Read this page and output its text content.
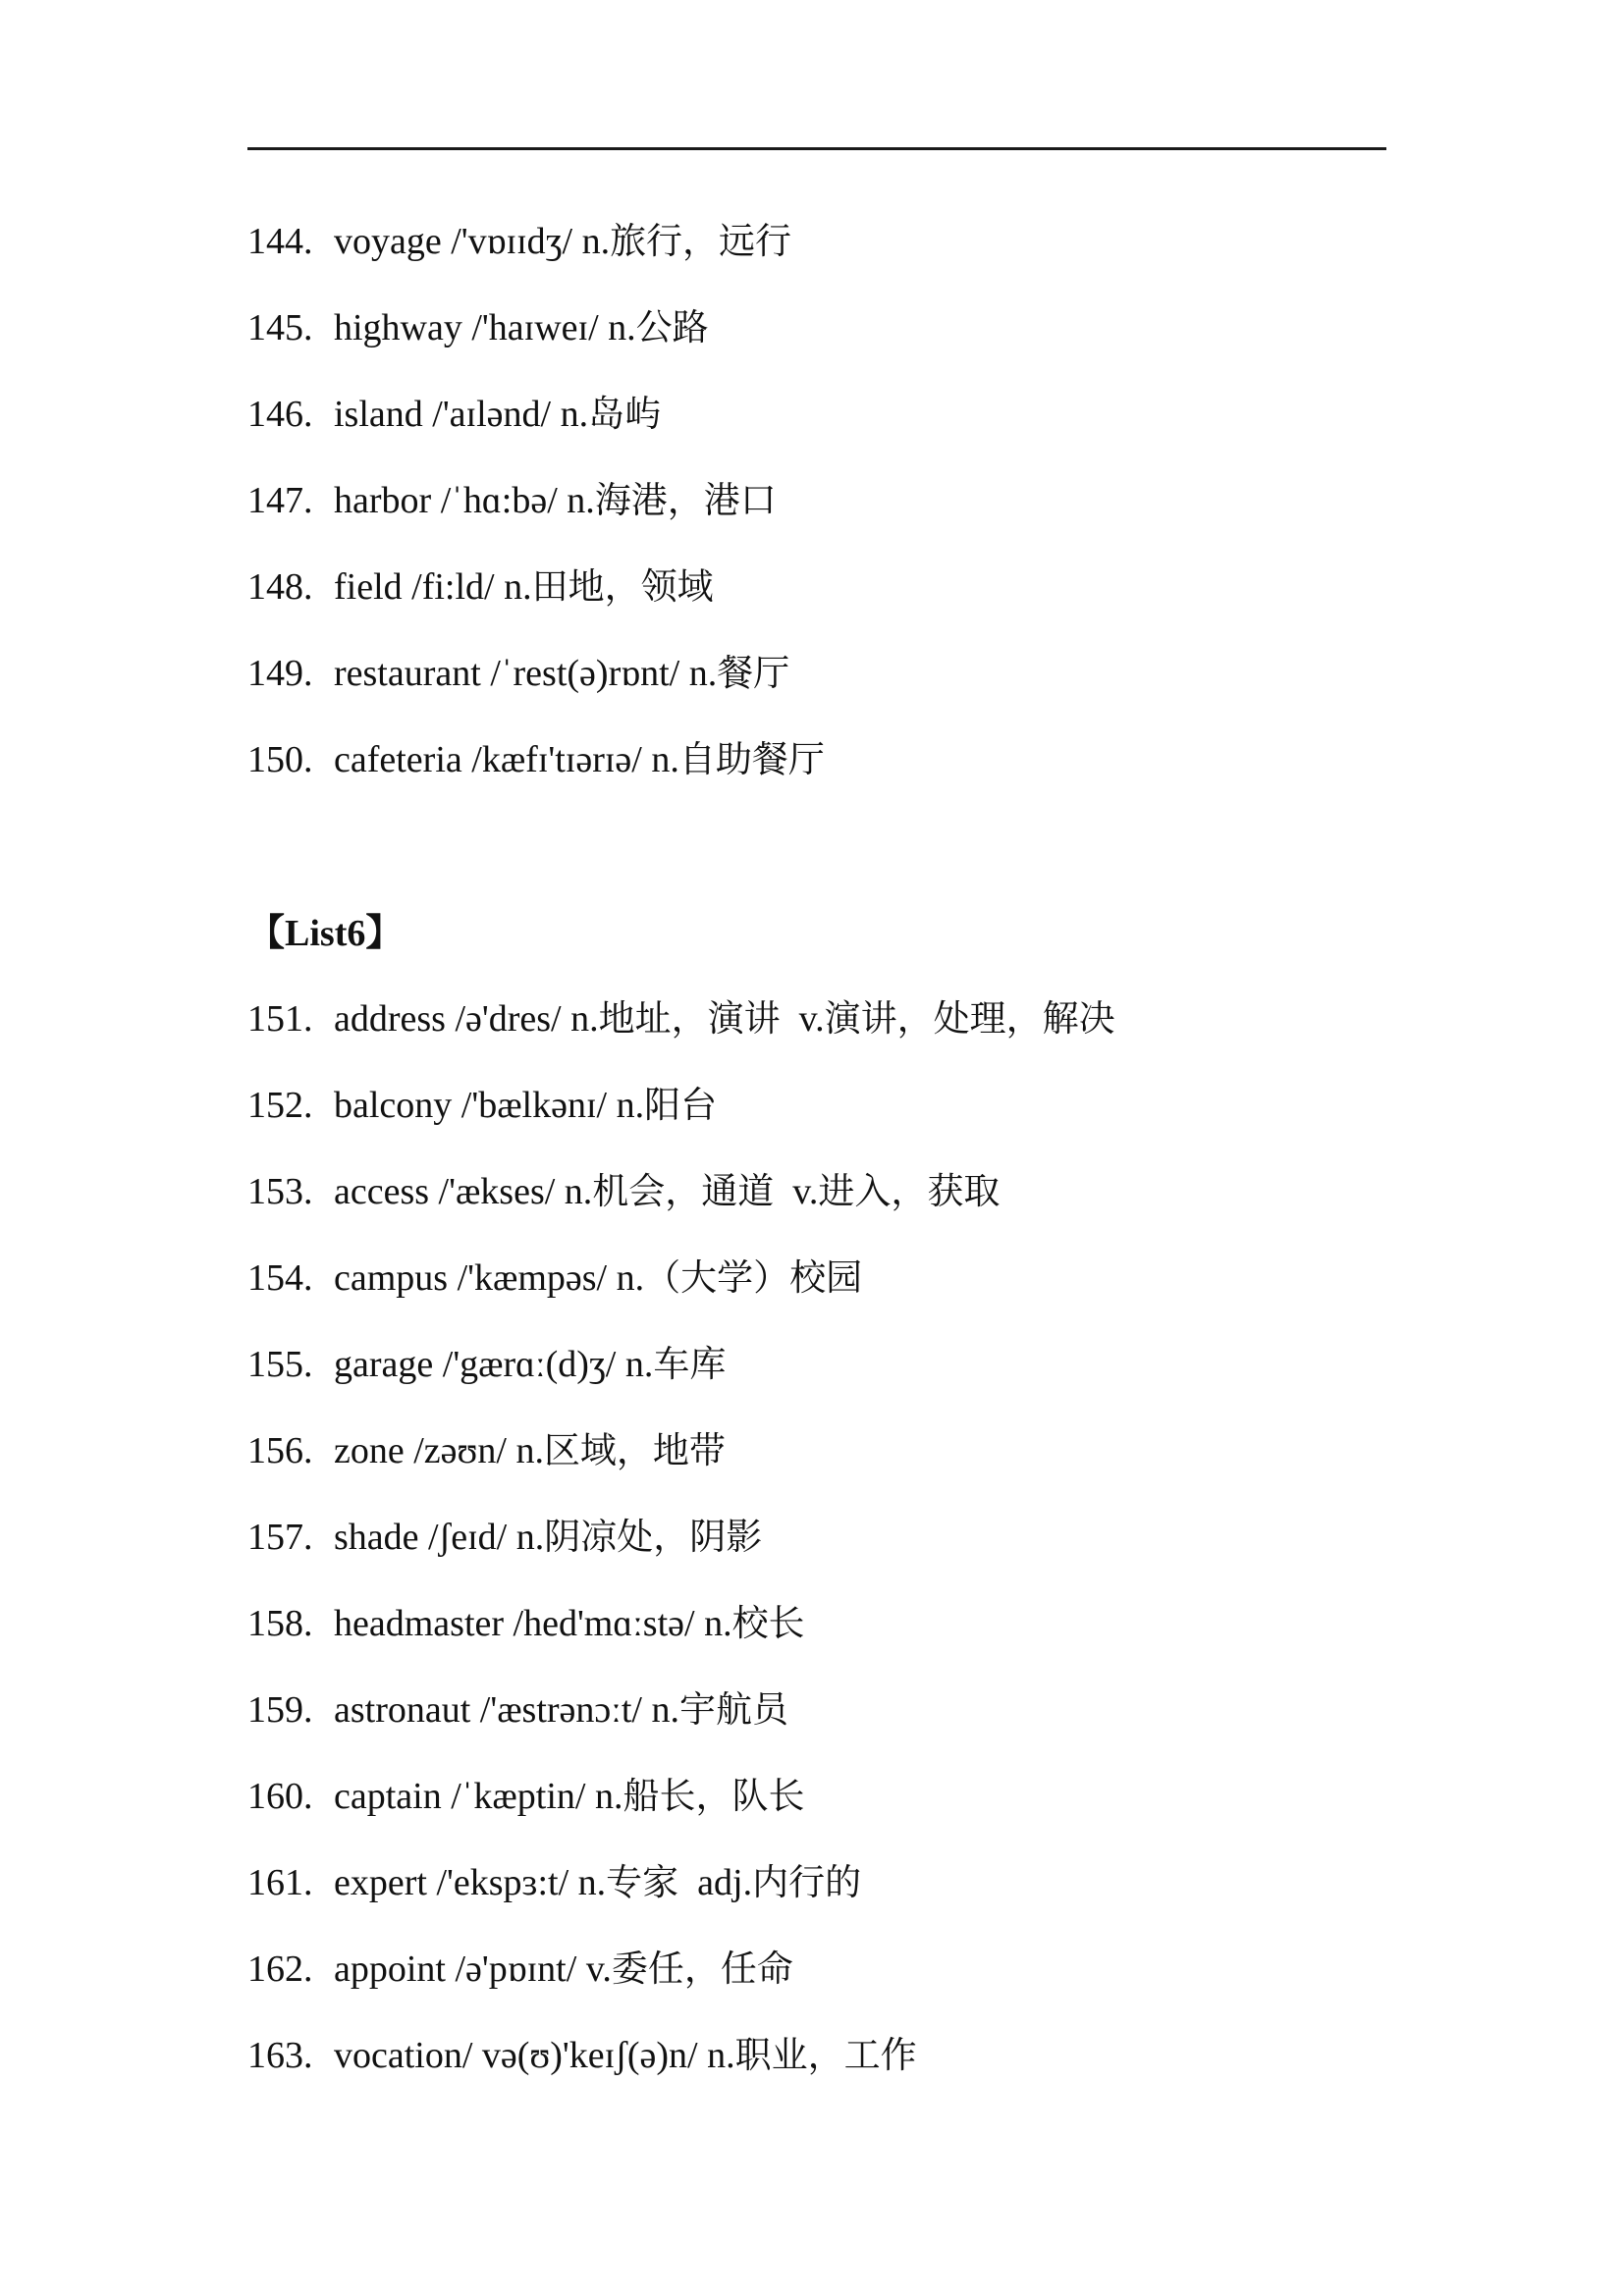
144. voyage /'vɒɪɪdʒ/ n.旅行，远行
145. highway /'haɪweɪ/ n.公路
146. island /'aɪlənd/ n.岛屿
147. harbor /ˈhɑ:bə/ n.海港，港口
148. field /fi:ld/ n.田地，领域
149. restaurant /ˈrest(ə)rɒnt/ n.餐厅
150. cafeteria /kæfɪ'tɪərɪə/ n.自助餐厅
【List6】
151. address /ə'dres/ n.地址，演讲 v.演讲，处理，解决
152. balcony /'bælkənɪ/ n.阳台
153. access /'ækses/ n.机会，通道 v.进入，获取
154. campus /'kæmpəs/ n.（大学）校园
155. garage /'gærɑː(d)ʒ/ n.车库
156. zone /zəʊn/ n.区域，地带
157. shade /ʃeɪd/ n.阴凉处，阴影
158. headmaster /hed'mɑːstə/ n.校长
159. astronaut /'æstrənɔːt/ n.宇航员
160. captain /ˈkæptin/ n.船长，队长
161. expert /'ekspɜ:t/ n.专家 adj.内行的
162. appoint /ə'pɒɪnt/ v.委任，任命
163. vocation/ və(ʊ)'keɪʃ(ə)n/ n.职业，工作
